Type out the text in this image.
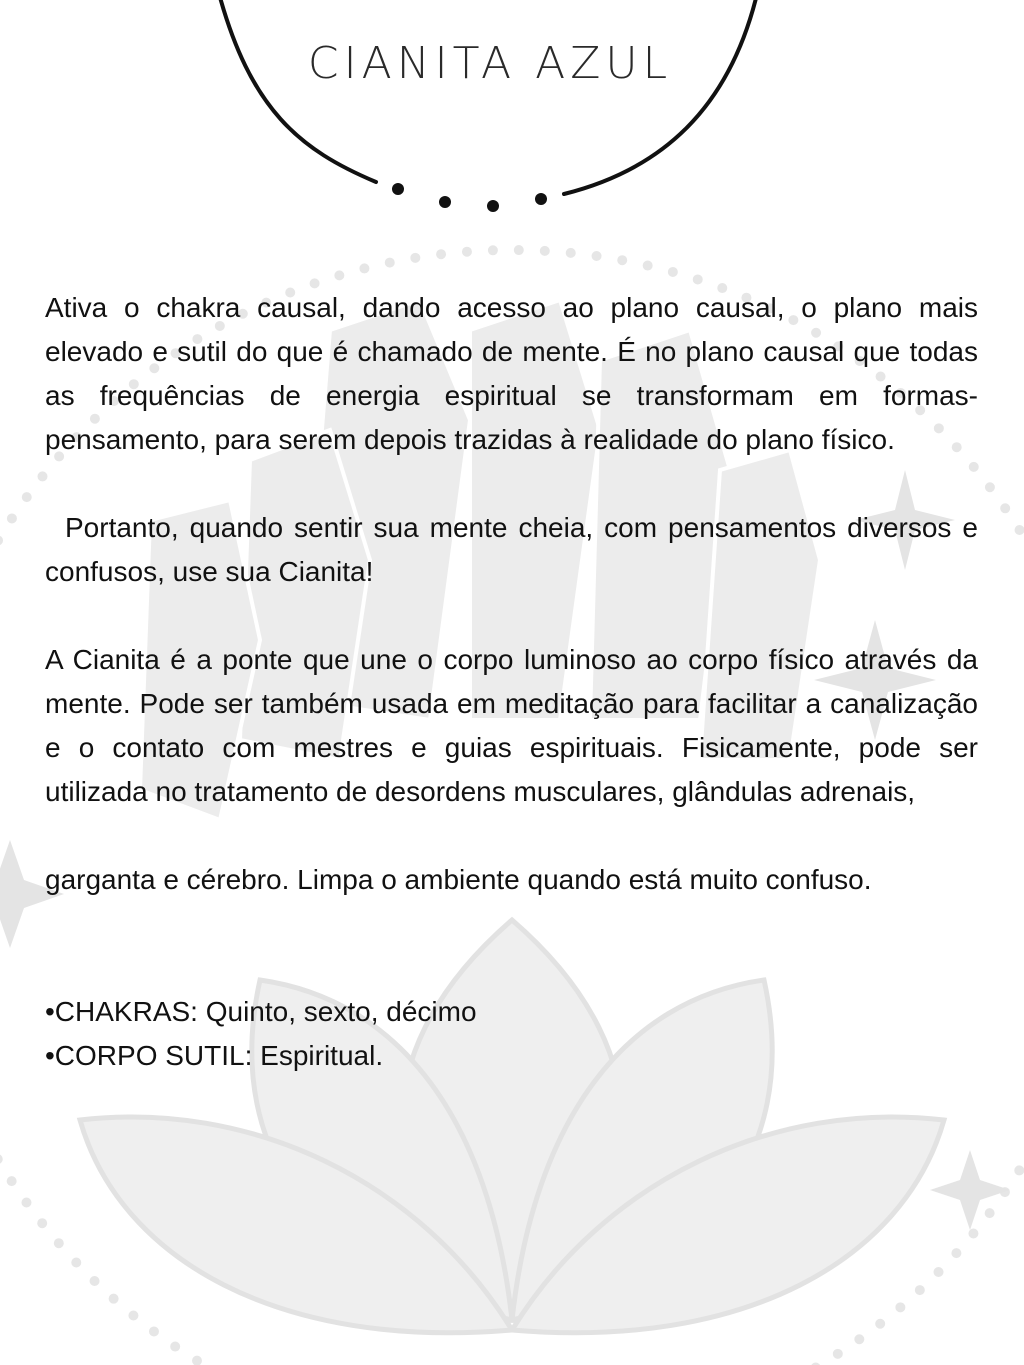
CIANITA AZUL

Ativa o chakra causal, dando acesso ao plano causal, o plano mais elevado e sutil do que é chamado de mente. É no plano causal que todas as frequências de energia espiritual se transformam em formas-pensamento, para serem depois trazidas à realidade do plano físico.

Portanto, quando sentir sua mente cheia, com pensamentos diversos e confusos, use sua Cianita!

A Cianita é a ponte que une o corpo luminoso ao corpo físico através da mente. Pode ser também usada em meditação para facilitar a canalização e o contato com mestres e guias espirituais. Fisicamente, pode ser utilizada no tratamento de desordens musculares, glândulas adrenais,

garganta e cérebro. Limpa o ambiente quando está muito confuso.

•CHAKRAS: Quinto, sexto, décimo

•CORPO SUTIL: Espiritual.
